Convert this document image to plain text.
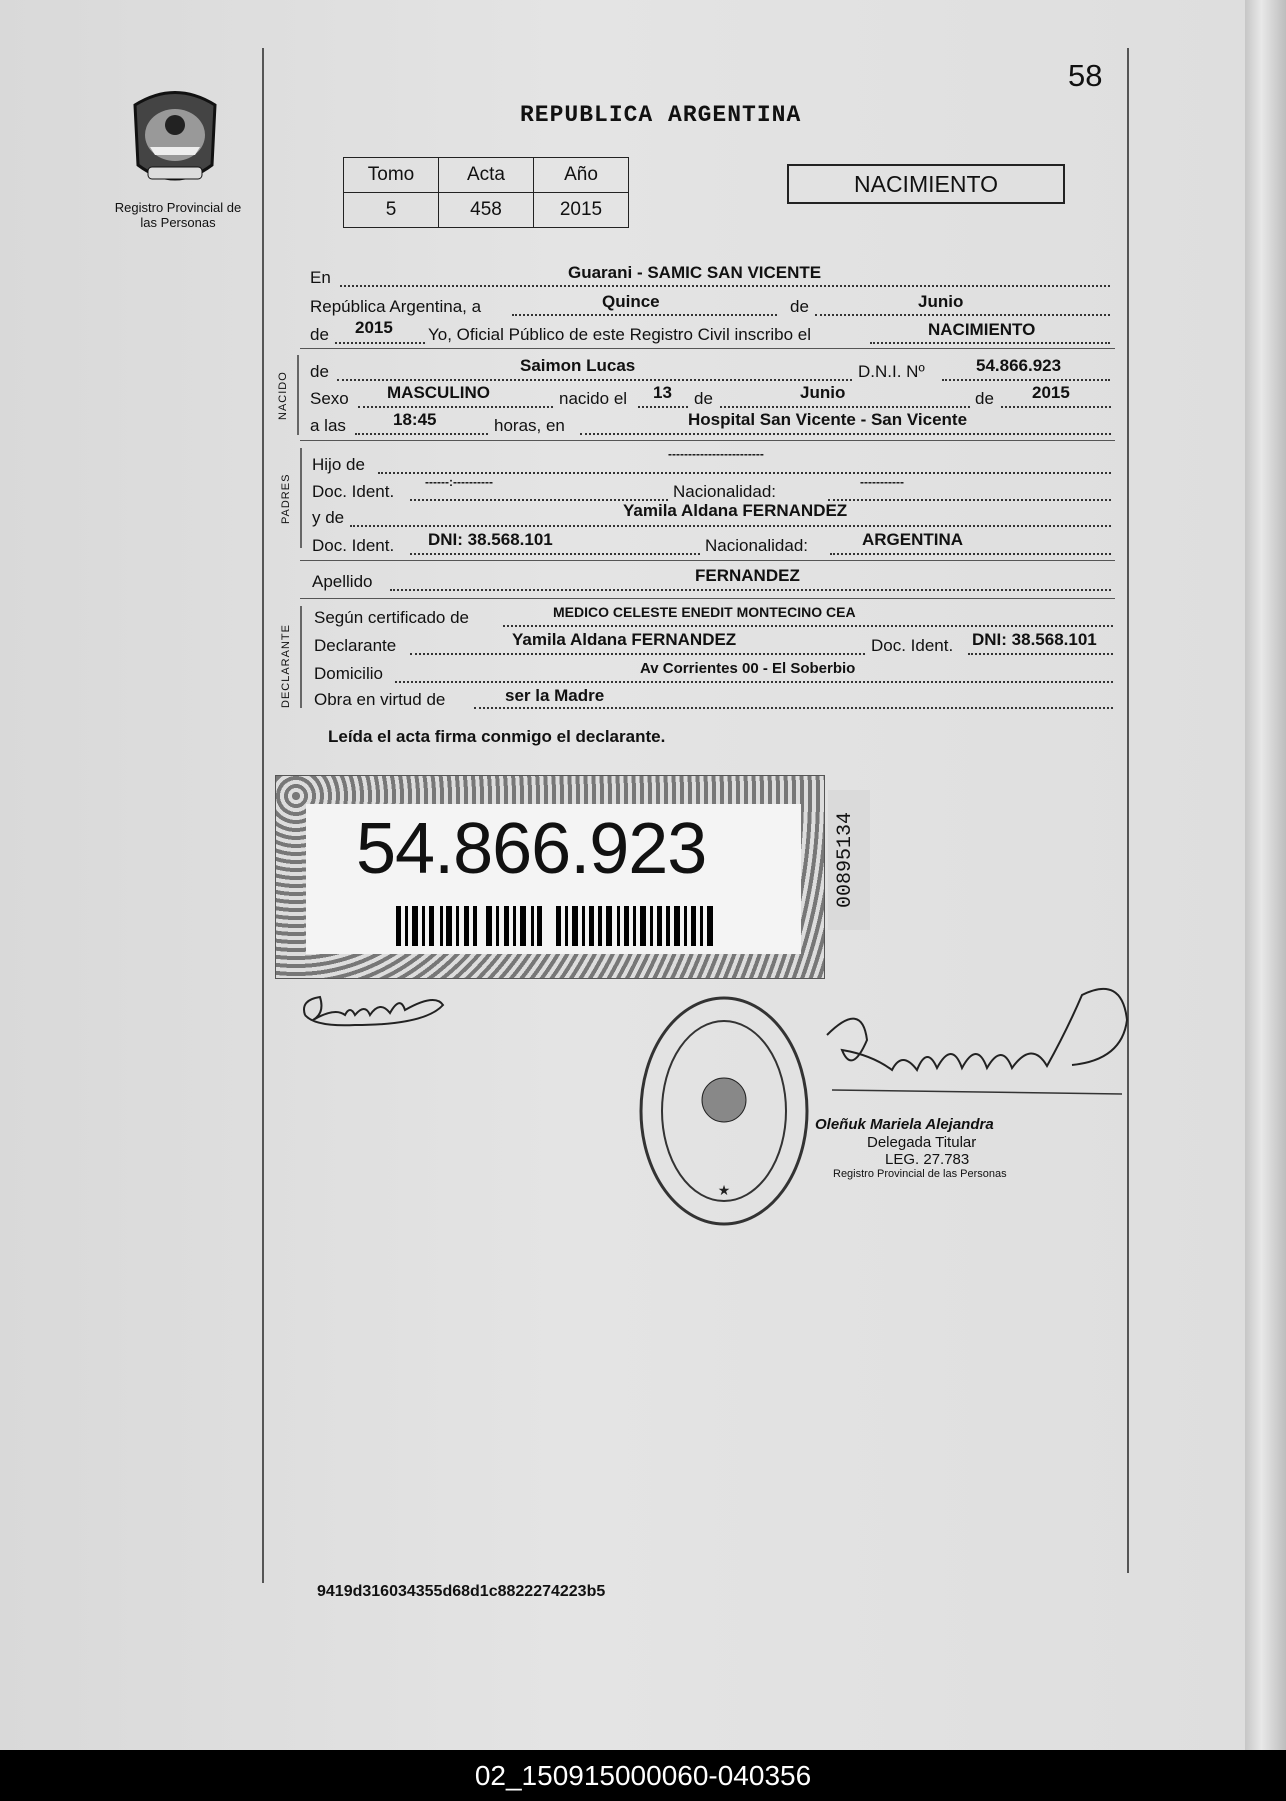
58
Registro Provincial de las Personas
REPUBLICA ARGENTINA
Tomo	Acta	Año
5	458	2015
NACIMIENTO
En	Guarani - SAMIC SAN VICENTE
República Argentina, a	Quince	de	Junio
de 2015 Yo, Oficial Público de este Registro Civil inscribo el	NACIMIENTO
NACIDO de	Saimon Lucas	D.N.I. Nº	54.866.923
Sexo MASCULINO	nacido el 13 de	Junio	de 2015
a las	18:45	horas, en	Hospital San Vicente - San Vicente
PADRES
Hijo de
------------------------
Doc. Ident.	------:----------	Nacionalidad:	-----------
y de	Yamila Aldana FERNANDEZ
Doc. Ident. DNI: 38.568.101	Nacionalidad:	ARGENTINA
Apellido	FERNANDEZ
DECLARANTE
Según certificado de	MEDICO CELESTE ENEDIT MONTECINO CEA
Declarante	Yamila Aldana FERNANDEZ	Doc. Ident. DNI: 38.568.101
Domicilio	Av Corrientes 00 - El Soberbio
Obra en virtud de	ser la Madre
Leída el acta firma conmigo el declarante.
54.866.923	00895134
★
Oleñuk Mariela Alejandra
Delegada Titular
LEG. 27.783
Registro Provincial de las Personas
9419d316034355d68d1c8822274223b5
02_150915000060-040356
